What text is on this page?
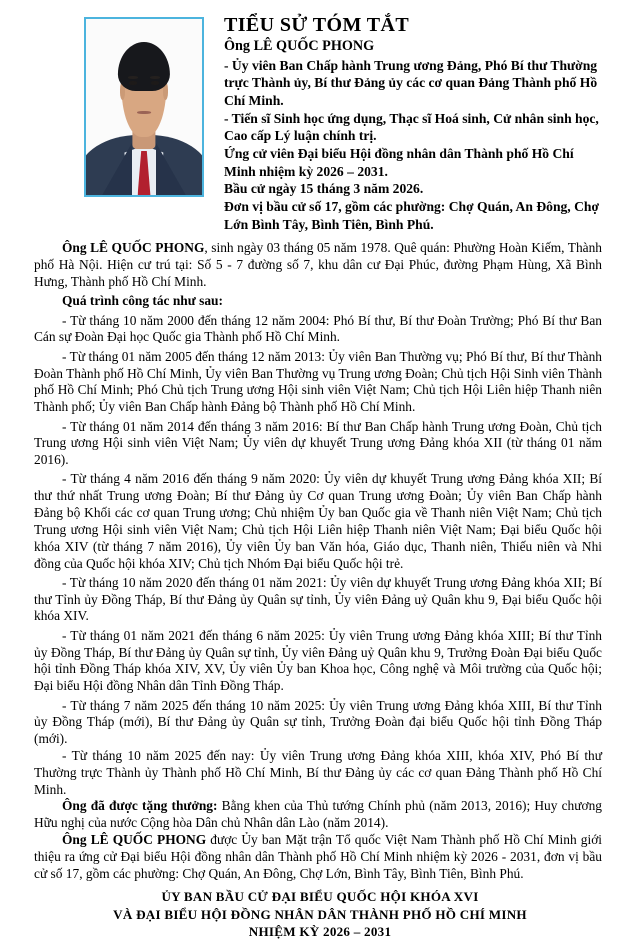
TIỂU SỬ TÓM TẮT
Ông LÊ QUỐC PHONG
- Ủy viên Ban Chấp hành Trung ương Đảng, Phó Bí thư Thường trực Thành ủy, Bí thư Đảng ủy các cơ quan Đảng Thành phố Hồ Chí Minh.
- Tiến sĩ Sinh học ứng dụng, Thạc sĩ Hoá sinh, Cử nhân sinh học, Cao cấp Lý luận chính trị.
Ứng cử viên Đại biểu Hội đồng nhân dân Thành phố Hồ Chí Minh nhiệm kỳ 2026 – 2031.
Bầu cử ngày 15 tháng 3 năm 2026.
Đơn vị bầu cử số 17, gồm các phường: Chợ Quán, An Đông, Chợ Lớn Bình Tây, Bình Tiên, Bình Phú.

Ông LÊ QUỐC PHONG, sinh ngày 03 tháng 05 năm 1978. Quê quán: Phường Hoàn Kiếm, Thành phố Hà Nội. Hiện cư trú tại: Số 5 - 7 đường số 7, khu dân cư Đại Phúc, đường Phạm Hùng, Xã Bình Hưng, Thành phố Hồ Chí Minh.

Quá trình công tác như sau:

- Từ tháng 10 năm 2000 đến tháng 12 năm 2004: Phó Bí thư, Bí thư Đoàn Trường; Phó Bí thư Ban Cán sự Đoàn Đại học Quốc gia Thành phố Hồ Chí Minh.

- Từ tháng 01 năm 2005 đến tháng 12 năm 2013: Ủy viên Ban Thường vụ; Phó Bí thư, Bí thư Thành Đoàn Thành phố Hồ Chí Minh, Ủy viên Ban Thường vụ Trung ương Đoàn; Chủ tịch Hội Sinh viên Thành phố Hồ Chí Minh; Phó Chủ tịch Trung ương Hội sinh viên Việt Nam; Chủ tịch Hội Liên hiệp Thanh niên Thành phố; Ủy viên Ban Chấp hành Đảng bộ Thành phố Hồ Chí Minh.

- Từ tháng 01 năm 2014 đến tháng 3 năm 2016: Bí thư Ban Chấp hành Trung ương Đoàn, Chủ tịch Trung ương Hội sinh viên Việt Nam; Ủy viên dự khuyết Trung ương Đảng khóa XII (từ tháng 01 năm 2016).

- Từ tháng 4 năm 2016 đến tháng 9 năm 2020: Ủy viên dự khuyết Trung ương Đảng khóa XII; Bí thư thứ nhất Trung ương Đoàn; Bí thư Đảng ủy Cơ quan Trung ương Đoàn; Ủy viên Ban Chấp hành Đảng bộ Khối các cơ quan Trung ương; Chủ nhiệm Ủy ban Quốc gia về Thanh niên Việt Nam; Chủ tịch Trung ương Hội sinh viên Việt Nam; Chủ tịch Hội Liên hiệp Thanh niên Việt Nam; Đại biểu Quốc hội khóa XIV (từ tháng 7 năm 2016), Ủy viên Ủy ban Văn hóa, Giáo dục, Thanh niên, Thiếu niên và Nhi đồng của Quốc hội khóa XIV; Chủ tịch Nhóm Đại biểu Quốc hội trẻ.

- Từ tháng 10 năm 2020 đến tháng 01 năm 2021: Ủy viên dự khuyết Trung ương Đảng khóa XII; Bí thư Tỉnh ủy Đồng Tháp, Bí thư Đảng ủy Quân sự tỉnh, Ủy viên Đảng uỷ Quân khu 9, Đại biểu Quốc hội khóa XIV.

- Từ tháng 01 năm 2021 đến tháng 6 năm 2025: Ủy viên Trung ương Đảng khóa XIII; Bí thư Tỉnh ủy Đồng Tháp, Bí thư Đảng ủy Quân sự tỉnh, Ủy viên Đảng uỷ Quân khu 9, Trưởng Đoàn Đại biểu Quốc hội tỉnh Đồng Tháp khóa XIV, XV, Ủy viên Ủy ban Khoa học, Công nghệ và Môi trường của Quốc hội; Đại biểu Hội đồng Nhân dân Tỉnh Đồng Tháp.

- Từ tháng 7 năm 2025 đến tháng 10 năm 2025: Ủy viên Trung ương Đảng khóa XIII, Bí thư Tỉnh ủy Đồng Tháp (mới), Bí thư Đảng ủy Quân sự tỉnh, Trưởng Đoàn đại biểu Quốc hội tỉnh Đồng Tháp (mới).

- Từ tháng 10 năm 2025 đến nay: Ủy viên Trung ương Đảng khóa XIII, khóa XIV, Phó Bí thư Thường trực Thành ủy Thành phố Hồ Chí Minh, Bí thư Đảng ủy các cơ quan Đảng Thành phố Hồ Chí Minh.

Ông đã được tặng thưởng: Bằng khen của Thủ tướng Chính phủ (năm 2013, 2016); Huy chương Hữu nghị của nước Cộng hòa Dân chủ Nhân dân Lào (năm 2014).

Ông LÊ QUỐC PHONG được Ủy ban Mặt trận Tổ quốc Việt Nam Thành phố Hồ Chí Minh giới thiệu ra ứng cử Đại biểu Hội đồng nhân dân Thành phố Hồ Chí Minh nhiệm kỳ 2026 - 2031, đơn vị bầu cử số 17, gồm các phường: Chợ Quán, An Đông, Chợ Lớn, Bình Tây, Bình Tiên, Bình Phú.

ỦY BAN BẦU CỬ ĐẠI BIỂU QUỐC HỘI KHÓA XVI

VÀ ĐẠI BIỂU HỘI ĐỒNG NHÂN DÂN THÀNH PHỐ HỒ CHÍ MINH

NHIỆM KỲ 2026 – 2031
